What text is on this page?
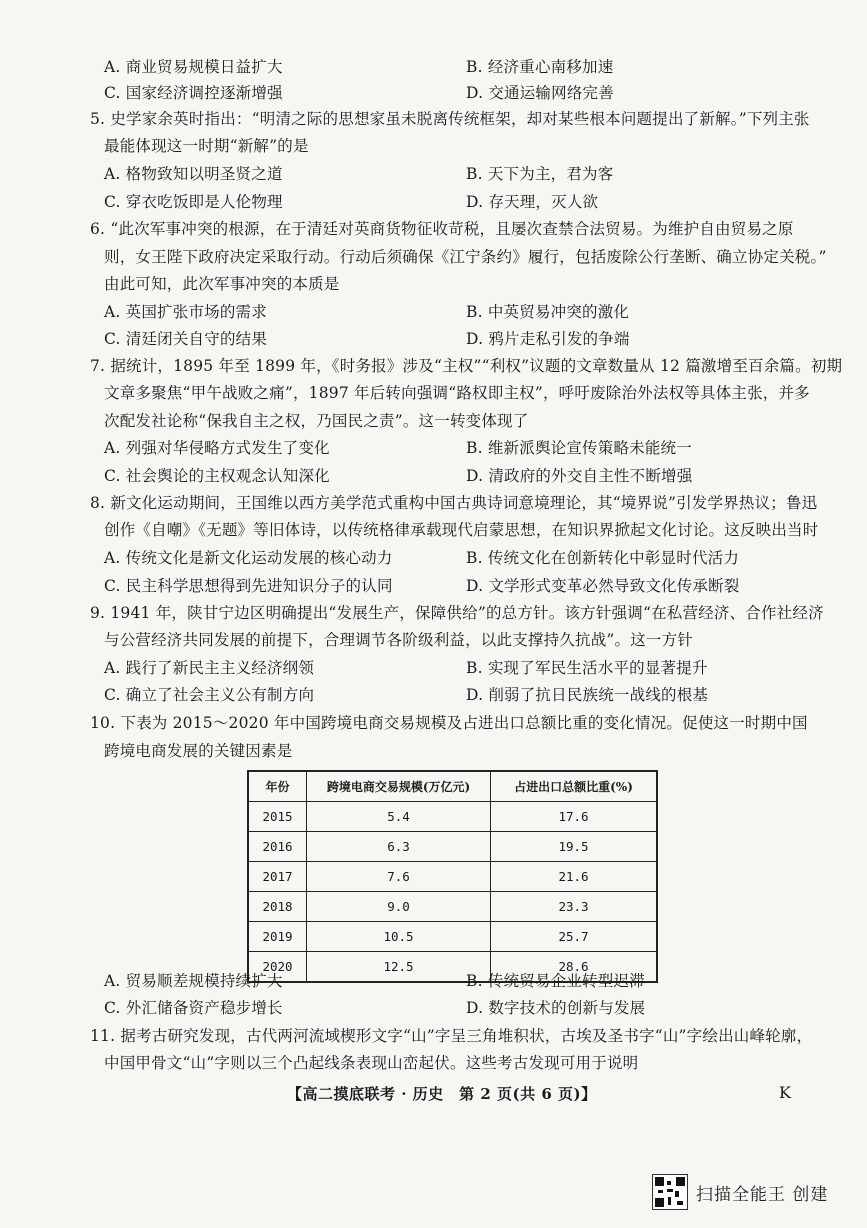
A. 商业贸易规模日益扩大	B. 经济重心南移加速
C. 国家经济调控逐渐增强	D. 交通运输网络完善
5. 史学家余英时指出：“明清之际的思想家虽未脱离传统框架，却对某些根本问题提出了新解。”下列主张
最能体现这一时期“新解”的是
A. 格物致知以明圣贤之道	B. 天下为主，君为客
C. 穿衣吃饭即是人伦物理	D. 存天理，灭人欲
6. “此次军事冲突的根源，在于清廷对英商货物征收苛税，且屡次查禁合法贸易。为维护自由贸易之原
则，女王陛下政府决定采取行动。行动后须确保《江宁条约》履行，包括废除公行垄断、确立协定关税。”
由此可知，此次军事冲突的本质是
A. 英国扩张市场的需求	B. 中英贸易冲突的激化
C. 清廷闭关自守的结果	D. 鸦片走私引发的争端
7. 据统计，1895 年至 1899 年，《时务报》涉及“主权”“利权”议题的文章数量从 12 篇激增至百余篇。初期
文章多聚焦“甲午战败之痛”，1897 年后转向强调“路权即主权”，呼吁废除治外法权等具体主张，并多
次配发社论称“保我自主之权，乃国民之责”。这一转变体现了
A. 列强对华侵略方式发生了变化	B. 维新派舆论宣传策略未能统一
C. 社会舆论的主权观念认知深化	D. 清政府的外交自主性不断增强
8. 新文化运动期间，王国维以西方美学范式重构中国古典诗词意境理论，其“境界说”引发学界热议；鲁迅
创作《自嘲》《无题》等旧体诗，以传统格律承载现代启蒙思想，在知识界掀起文化讨论。这反映出当时
A. 传统文化是新文化运动发展的核心动力	B. 传统文化在创新转化中彰显时代活力
C. 民主科学思想得到先进知识分子的认同	D. 文学形式变革必然导致文化传承断裂
9. 1941 年，陕甘宁边区明确提出“发展生产，保障供给”的总方针。该方针强调“在私营经济、合作社经济
与公营经济共同发展的前提下，合理调节各阶级利益，以此支撑持久抗战”。这一方针
A. 践行了新民主主义经济纲领	B. 实现了军民生活水平的显著提升
C. 确立了社会主义公有制方向	D. 削弱了抗日民族统一战线的根基
10. 下表为 2015～2020 年中国跨境电商交易规模及占进出口总额比重的变化情况。促使这一时期中国
跨境电商发展的关键因素是
年份	跨境电商交易规模(万亿元)	占进出口总额比重(%)
2015	5.4	17.6
2016	6.3	19.5
2017	7.6	21.6
2018	9.0	23.3
2019	10.5	25.7
2020	12.5	28.6
A. 贸易顺差规模持续扩大	B. 传统贸易企业转型迟滞
C. 外汇储备资产稳步增长	D. 数字技术的创新与发展
11. 据考古研究发现，古代两河流域楔形文字“山”字呈三角堆积状，古埃及圣书字“山”字绘出山峰轮廓，
中国甲骨文“山”字则以三个凸起线条表现山峦起伏。这些考古发现可用于说明
【高二摸底联考 · 历史　第 2 页(共 6 页)】	K
扫描全能王 创建
